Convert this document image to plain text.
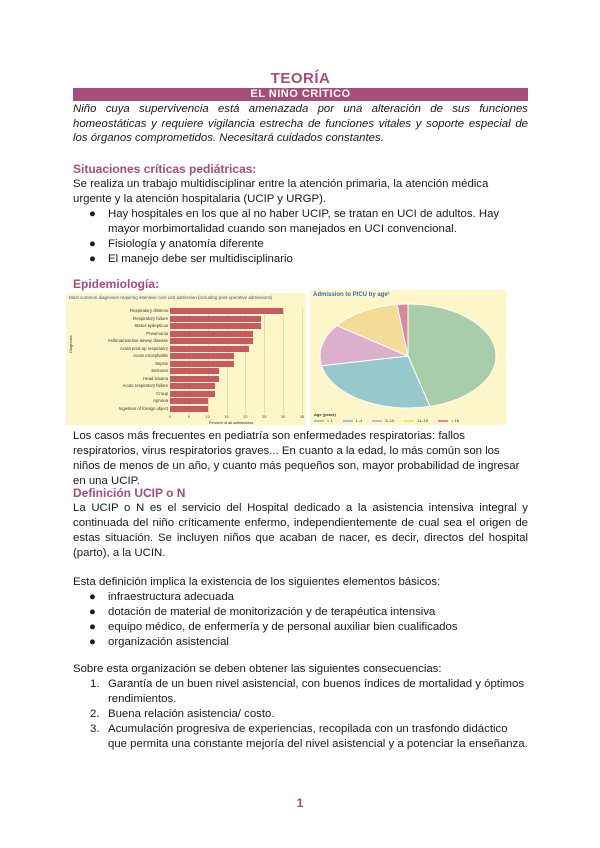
TEORÍA
EL NIÑO CRÍTICO
Niño cuya supervivencia está amenazada por una alteración de sus funciones homeostáticas y requiere vigilancia estrecha de funciones vitales y soporte especial de los órganos comprometidos. Necesitará cuidados constantes.
Situaciones críticas pediátricas:
Se realiza un trabajo multidisciplinar entre la atención primaria, la atención médica urgente y la atención hospitalaria (UCIP y URGP).
● Hay hospitales en los que al no haber UCIP, se tratan en UCI de adultos. Hay mayor morbimortalidad cuando son manejados en UCI convencional.
● Fisiología y anatomía diferente
● El manejo debe ser multidisciplinario
Epidemiología:
Los casos más frecuentes en pediatría son enfermedades respiratorias: fallos respiratorios, virus respiratorios graves... En cuanto a la edad, lo más común son los niños de menos de un año, y cuanto más pequeños son, mayor probabilidad de ingresar en una UCIP.
Definición UCIP o N
La UCIP o N es el servicio del Hospital dedicado a la asistencia intensiva integral y continuada del niño críticamente enfermo, independientemente de cual sea el origen de estas situación. Se incluyen niños que acaban de nacer, es decir, directos del hospital (parto), a la UCIN.
Esta definición implica la existencia de los siguientes elementos básicos:
● infraestructura adecuada
● dotación de material de monitorización y de terapéutica intensiva
● equipo médico, de enfermería y de personal auxiliar bien cualificados
● organización asistencial
Sobre esta organización se deben obtener las siguientes consecuencias:
1. Garantía de un buen nivel asistencial, con buenos índices de mortalidad y óptimos rendimientos.
2. Buena relación asistencia/ costo.
3. Acumulación progresiva de experiencias, recopilada con un trasfondo didáctico que permita una constante mejoría del nivel asistencial y a potenciar la enseñanza.
Most common diagnoses requiring intensive care unit admission (including post-operative admissions)
Diagnosis
Respiratory distress
Respiratory failure
Status epilepticus
Pneumonia
Asthma/reactive airway disease
Acute post-op respiratory
Acute encephalitis
Sepsis
Seizures
Head trauma
Acute respiratory failure
Croup
Apnoea
Ingestion of foreign object
0	5	10	15	20	25	30	35
Percent of all admissions
Admission to PICU by age¹
Age (years)
< 1	1–4	5–10	11–15	> 16
1
